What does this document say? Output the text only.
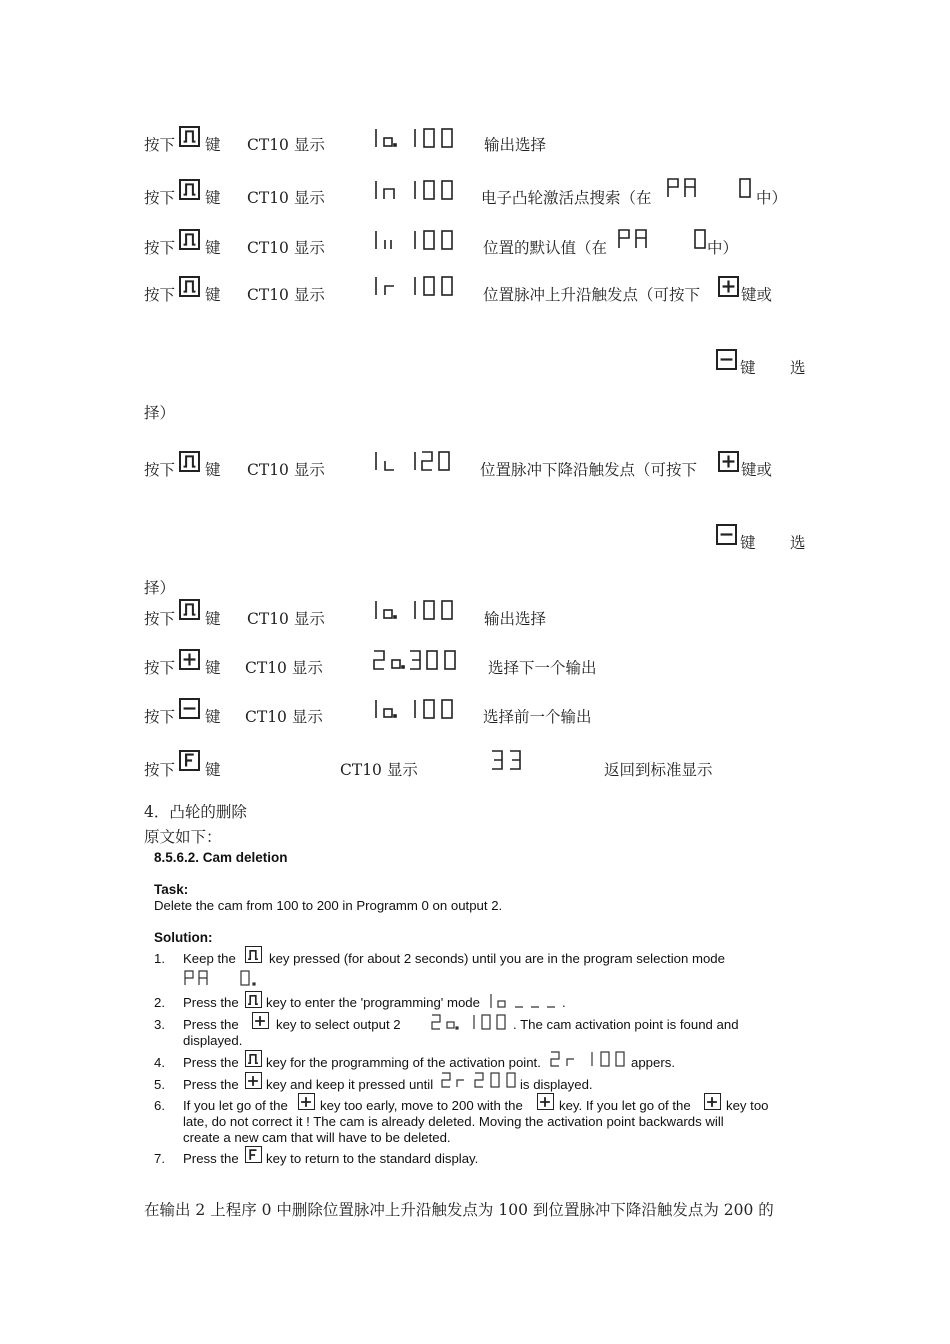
按下 键 CT10 显示	输出选择
按下 键 CT10 显示	电子凸轮激活点搜索（在	中）
按下 键 CT10 显示	位置的默认值（在	中）
按下 键 CT10 显示	位置脉冲上升沿触发点（可按下	键或
键 选
择）
按下 键 CT10 显示	位置脉冲下降沿触发点（可按下	键或
键 选
择）
按下 键 CT10 显示	输出选择
按下 键 CT10 显示	选择下一个输出
按下 键 CT10 显示	选择前一个输出
按下 键	CT10 显示	返回到标准显示
4．凸轮的删除
原文如下：
8.5.6.2. Cam deletion
Task:
Delete the cam from 100 to 200 in Programm 0 on output 2.
Solution:
1. Keep the	key pressed (for about 2 seconds) until you are in the program selection mode
2. Press the key to enter the 'programming' mode	.
3. Press the	key to select output 2	. The cam activation point is found and
displayed.
4. Press the key for the programming of the activation point.	appers.
5. Press the key and keep it pressed until	is displayed.
6. If you let go of the key too early, move to 200 with the	key. If you let go of the	key too
late, do not correct it ! The cam is already deleted. Moving the activation point backwards will
create a new cam that will have to be deleted.
7. Press the key to return to the standard display.
在输出 2 上程序 0 中删除位置脉冲上升沿触发点为 100 到位置脉冲下降沿触发点为 200 的
